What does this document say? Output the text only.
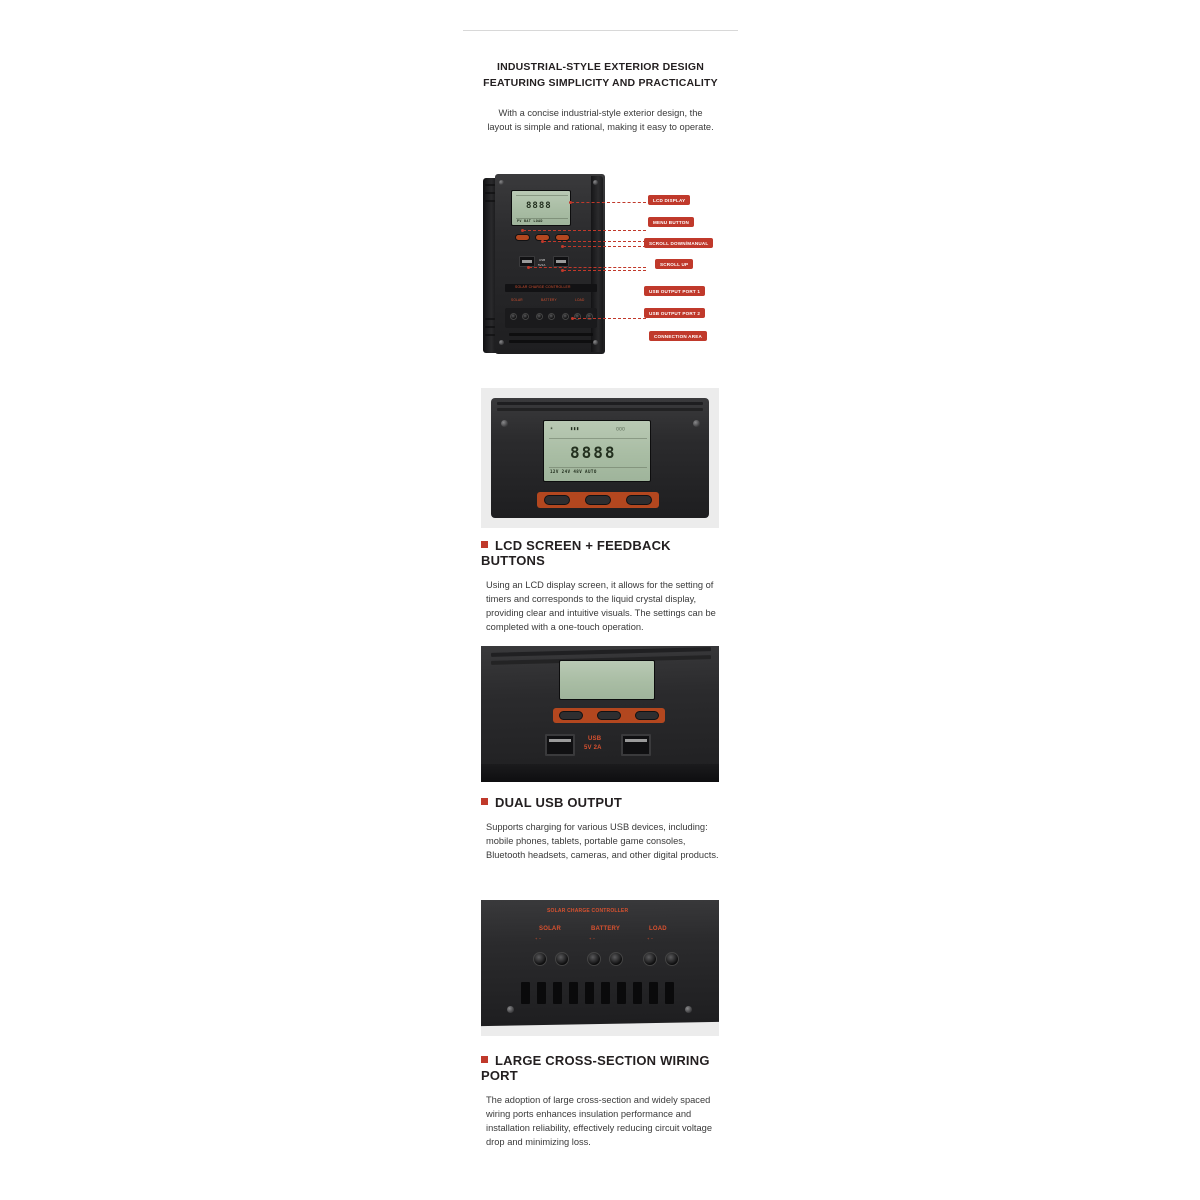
INDUSTRIAL-STYLE EXTERIOR DESIGN
FEATURING SIMPLICITY AND PRACTICALITY
With a concise industrial-style exterior design, the layout is simple and rational, making it easy to operate.
8888
PV BAT LOAD
USB
5V2A
SOLAR CHARGE CONTROLLER
SOLAR	BATTERY	LOAD
LCD DISPLAY
MENU BUTTON
SCROLL DOWN/MANUAL
SCROLL UP
USB OUTPUT PORT 1
USB OUTPUT PORT 2
CONNECTION AREA
☀	▮▮▮	▯▯▯
8888
12V 24V 48V AUTO
LCD SCREEN + FEEDBACK BUTTONS
Using an LCD display screen, it allows for the setting of timers and corresponds to the liquid crystal display, providing clear and intuitive visuals. The settings can be completed with a one-touch operation.
USB
5V 2A
DUAL USB OUTPUT
Supports charging for various USB devices, including: mobile phones, tablets, portable game consoles, Bluetooth headsets, cameras, and other digital products.
SOLAR CHARGE CONTROLLER
SOLAR	BATTERY	LOAD
+ −	+ −	+ −
LARGE CROSS-SECTION WIRING PORT
The adoption of large cross-section and widely spaced wiring ports enhances insulation performance and installation reliability, effectively reducing circuit voltage drop and minimizing loss.
